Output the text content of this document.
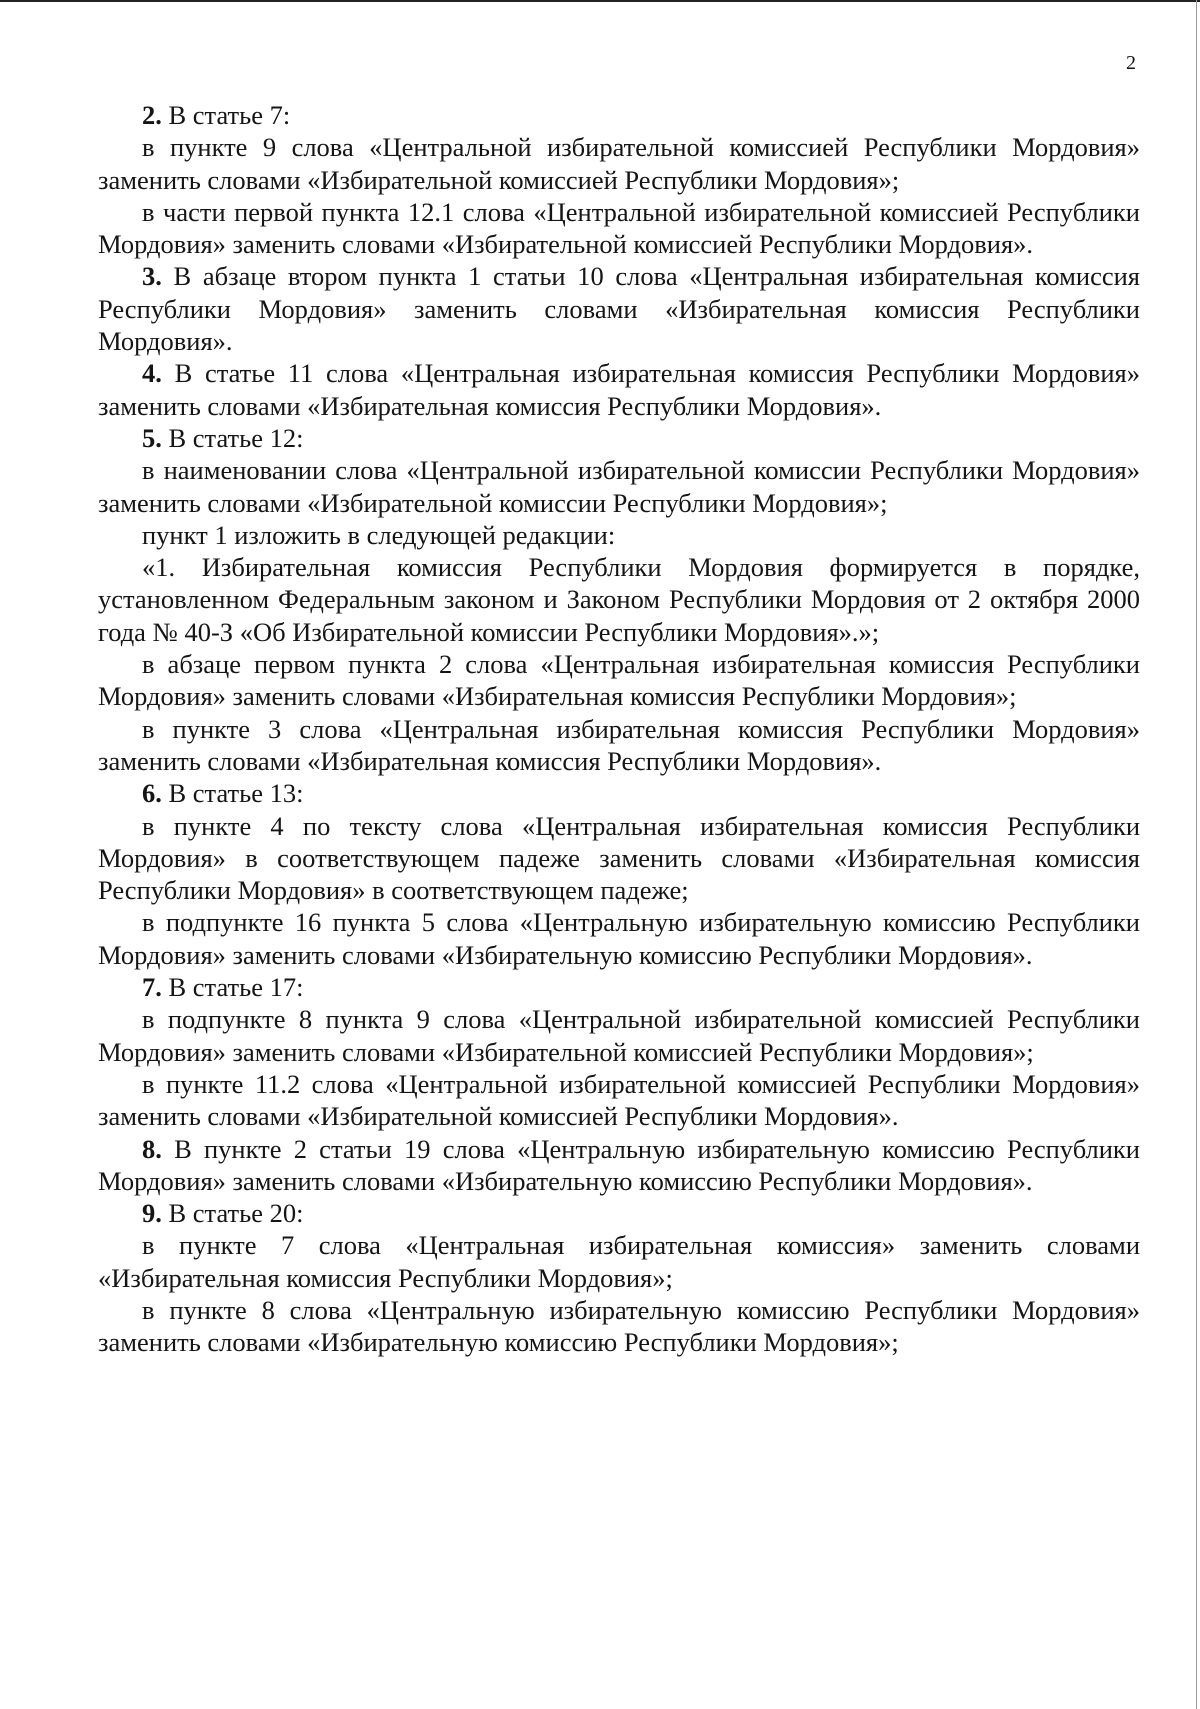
2

2. В статье 7:

в пункте 9 слова «Центральной избирательной комиссией Республики Мордовия» заменить словами «Избирательной комиссией Республики Мордовия»;

в части первой пункта 12.1 слова «Центральной избирательной комиссией Республики Мордовия» заменить словами «Избирательной комиссией Республики Мордовия».

3. В абзаце втором пункта 1 статьи 10 слова «Центральная избирательная комиссия Республики Мордовия» заменить словами «Избирательная комиссия Республики Мордовия».

4. В статье 11 слова «Центральная избирательная комиссия Республики Мордовия» заменить словами «Избирательная комиссия Республики Мордовия».

5. В статье 12:

в наименовании слова «Центральной избирательной комиссии Республики Мордовия» заменить словами «Избирательной комиссии Республики Мордовия»;

пункт 1 изложить в следующей редакции:

«1. Избирательная комиссия Республики Мордовия формируется в порядке, установленном Федеральным законом и Законом Республики Мордовия от 2 октября 2000 года № 40-З «Об Избирательной комиссии Республики Мордовия».»;

в абзаце первом пункта 2 слова «Центральная избирательная комиссия Республики Мордовия» заменить словами «Избирательная комиссия Республики Мордовия»;

в пункте 3 слова «Центральная избирательная комиссия Республики Мордовия» заменить словами «Избирательная комиссия Республики Мордовия».

6. В статье 13:

в пункте 4 по тексту слова «Центральная избирательная комиссия Республики Мордовия» в соответствующем падеже заменить словами «Избирательная комиссия Республики Мордовия» в соответствующем падеже;

в подпункте 16 пункта 5 слова «Центральную избирательную комиссию Республики Мордовия» заменить словами «Избирательную комиссию Республики Мордовия».

7. В статье 17:

в подпункте 8 пункта 9 слова «Центральной избирательной комиссией Республики Мордовия» заменить словами «Избирательной комиссией Республики Мордовия»;

в пункте 11.2 слова «Центральной избирательной комиссией Республики Мордовия» заменить словами «Избирательной комиссией Республики Мордовия».

8. В пункте 2 статьи 19 слова «Центральную избирательную комиссию Республики Мордовия» заменить словами «Избирательную комиссию Республики Мордовия».

9. В статье 20:

в пункте 7 слова «Центральная избирательная комиссия» заменить словами «Избирательная комиссия Республики Мордовия»;

в пункте 8 слова «Центральную избирательную комиссию Республики Мордовия» заменить словами «Избирательную комиссию Республики Мордовия»;
